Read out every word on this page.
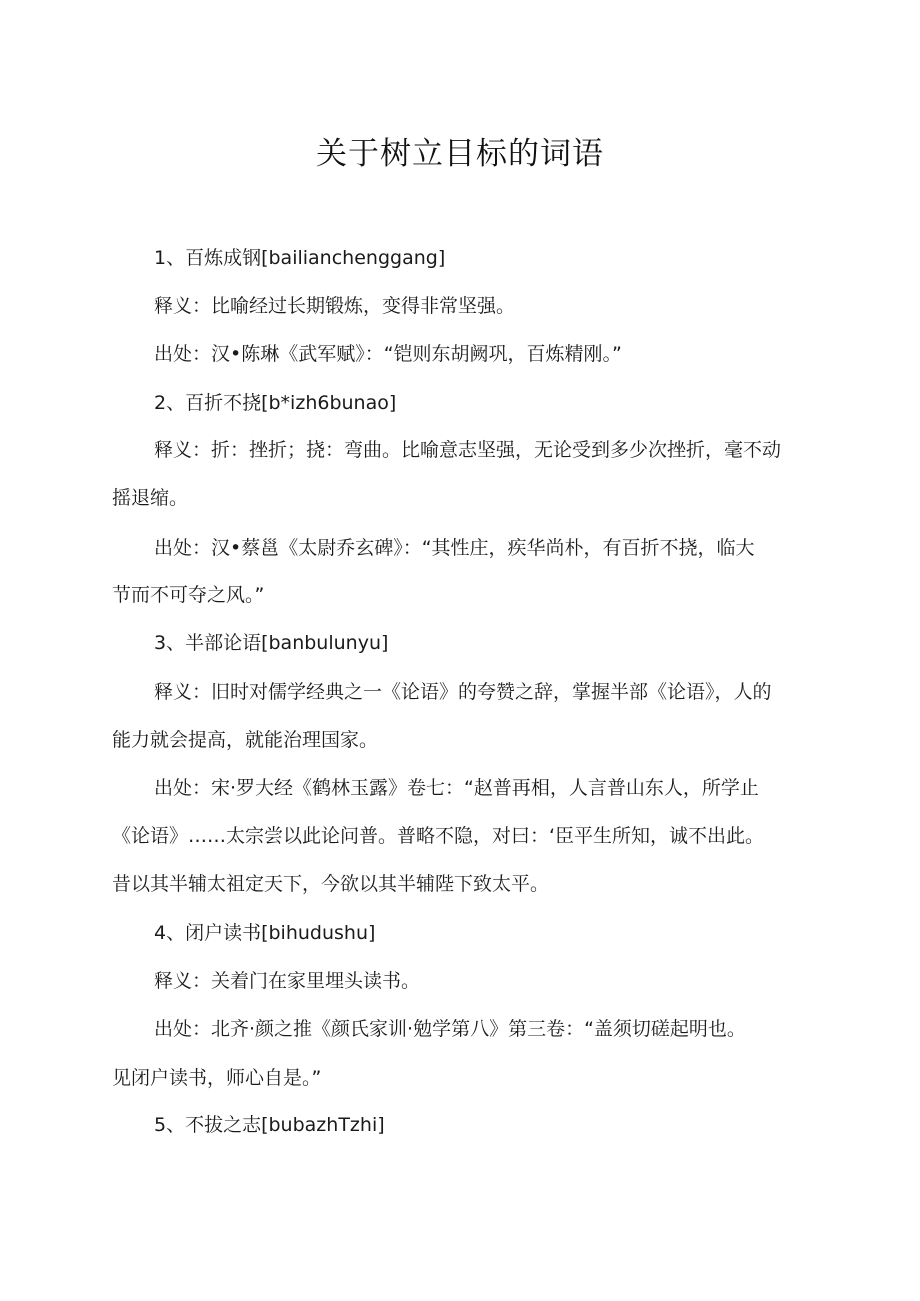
关于树立目标的词语
1、百炼成钢[bailianchenggang]
释义：比喻经过长期锻炼，变得非常坚强。
出处：汉•陈琳《武军赋》：“铠则东胡阙巩，百炼精刚。”
2、百折不挠[b*izh6bunao]
释义：折：挫折；挠：弯曲。比喻意志坚强，无论受到多少次挫折，毫不动
摇退缩。
出处：汉•蔡邕《太尉乔玄碑》：“其性庄，疾华尚朴，有百折不挠，临大
节而不可夺之风。”
3、半部论语[banbulunyu]
释义：旧时对儒学经典之一《论语》的夸赞之辞，掌握半部《论语》，人的
能力就会提高，就能治理国家。
出处：宋·罗大经《鹤林玉露》卷七：“赵普再相，人言普山东人，所学止
《论语》……太宗尝以此论问普。普略不隐，对曰：‘臣平生所知，诚不出此。
昔以其半辅太祖定天下，今欲以其半辅陛下致太平。
4、闭户读书[bihudushu]
释义：关着门在家里埋头读书。
出处：北齐·颜之推《颜氏家训·勉学第八》第三卷：“盖须切磋起明也。
见闭户读书，师心自是。”
5、不拔之志[bubazhTzhi]
